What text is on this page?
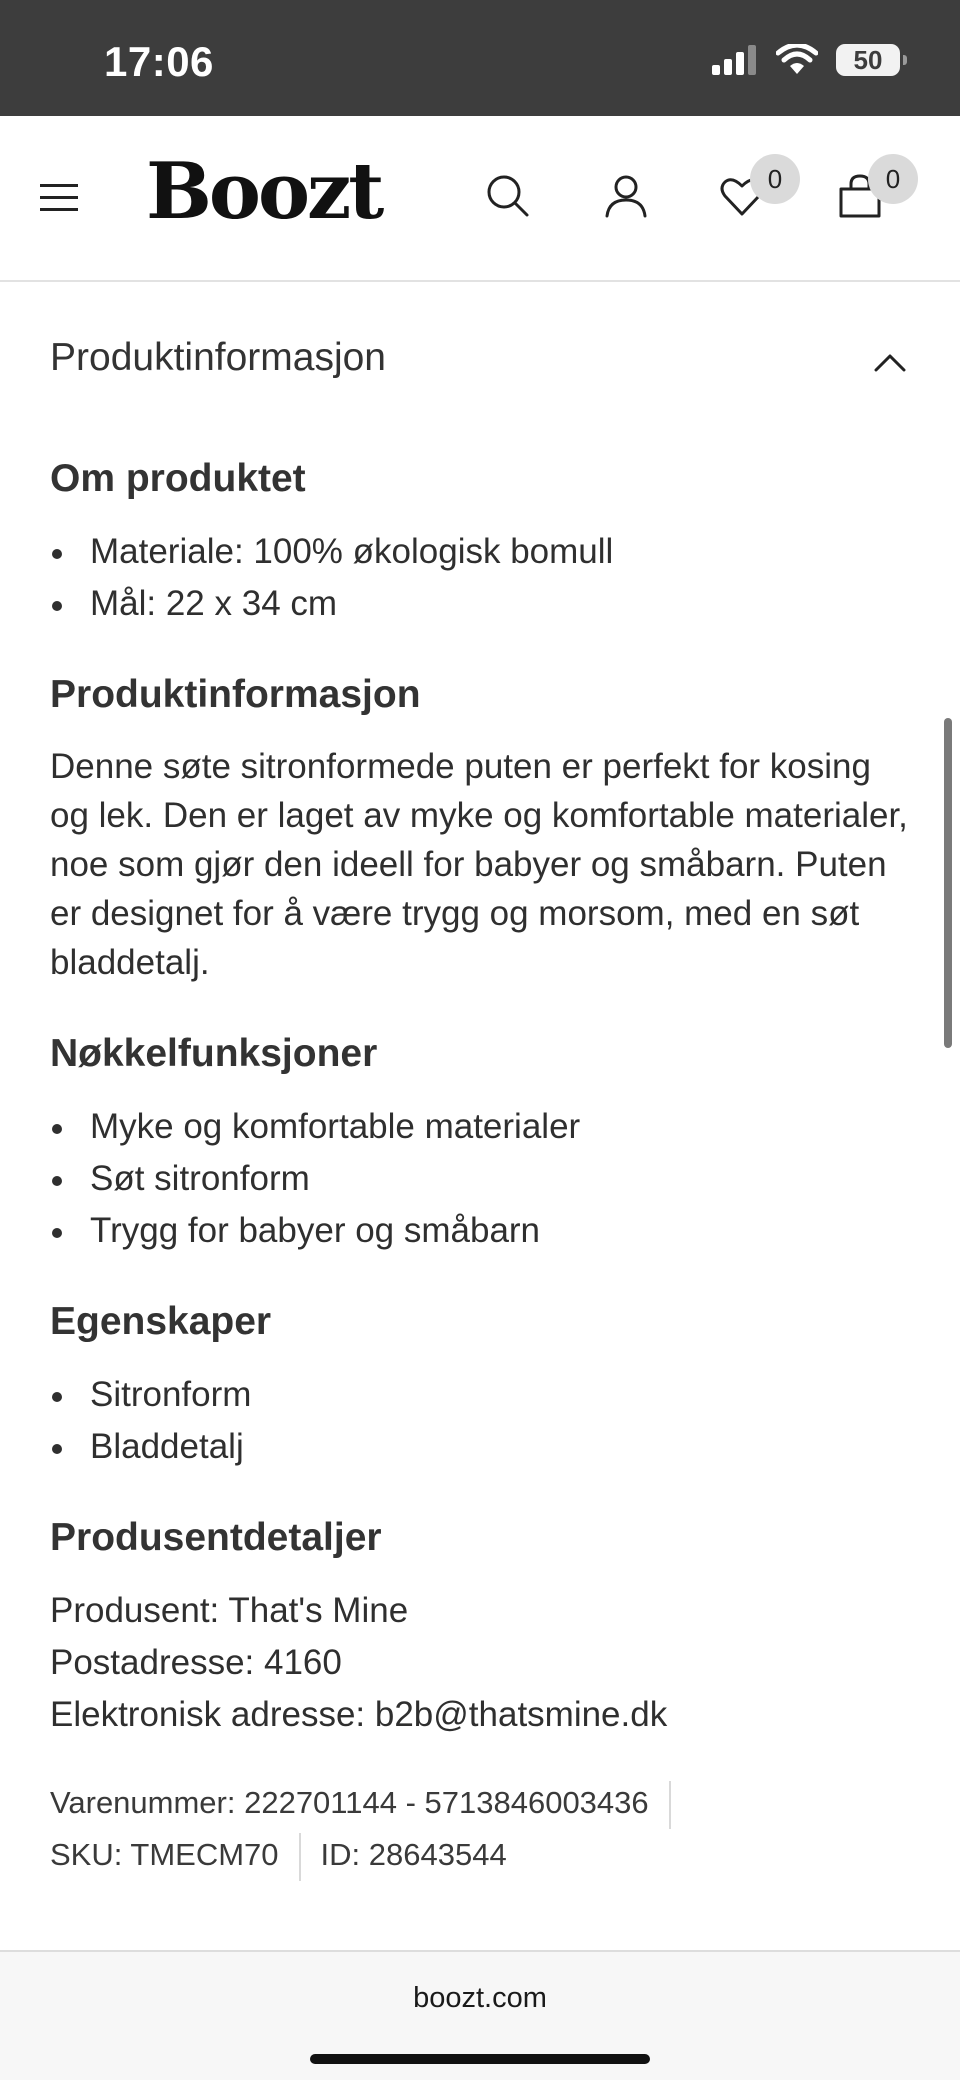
17:06	50
Boozt	0	0
Produktinformasjon
Om produktet
Materiale: 100% økologisk bomull
Mål: 22 x 34 cm
Produktinformasjon
Denne søte sitronformede puten er perfekt for kosing og lek. Den er laget av myke og komfortable materialer, noe som gjør den ideell for babyer og småbarn. Puten er designet for å være trygg og morsom, med en søt bladdetalj.
Nøkkelfunksjoner
Myke og komfortable materialer
Søt sitronform
Trygg for babyer og småbarn
Egenskaper
Sitronform
Bladdetalj
Produsentdetaljer
Produsent: That's Mine
Postadresse: 4160
Elektronisk adresse: b2b@thatsmine.dk
Varenummer: 222701144 - 5713846003436
SKU: TMECM70 ID: 28643544
boozt.com
